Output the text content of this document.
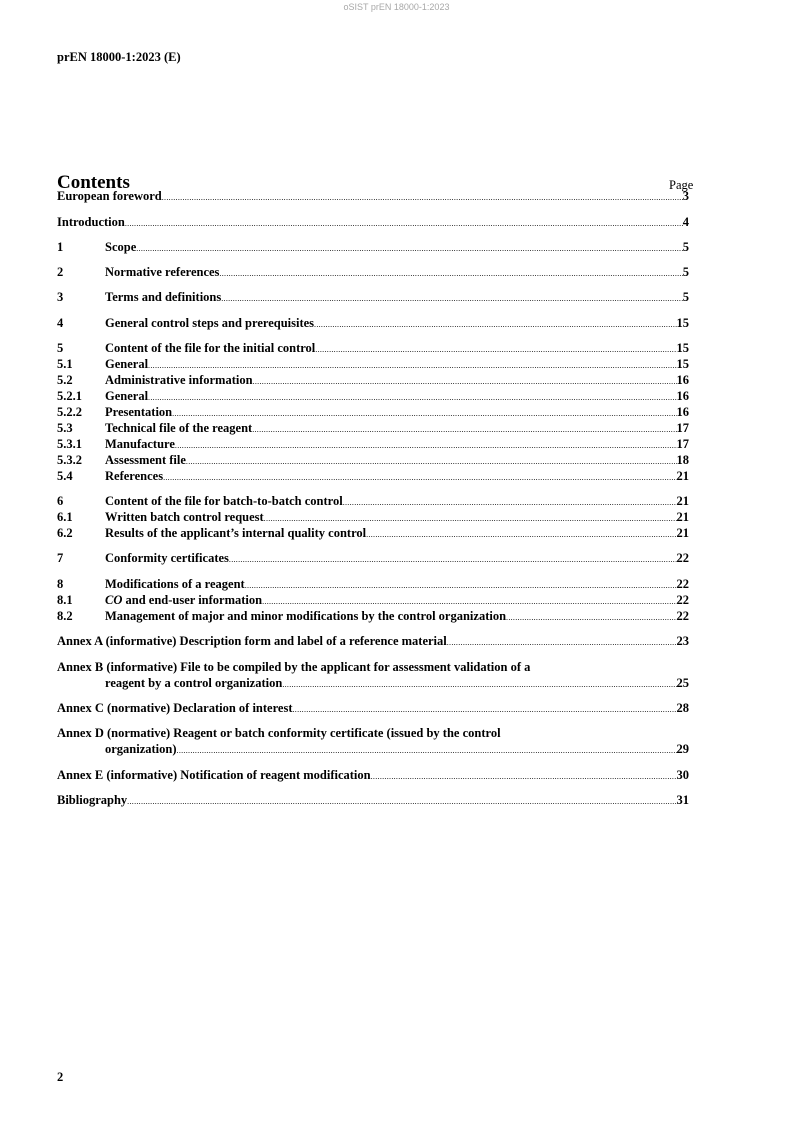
oSIST prEN 18000-1:2023
prEN 18000-1:2023 (E)
Contents	Page
European foreword .....	3
Introduction .....	4
1	Scope .....	5
2	Normative references .....	5
3	Terms and definitions .....	5
4	General control steps and prerequisites .....	15
5	Content of the file for the initial control .....	15
5.1	General .....	15
5.2	Administrative information .....	16
5.2.1	General .....	16
5.2.2	Presentation .....	16
5.3	Technical file of the reagent .....	17
5.3.1	Manufacture .....	17
5.3.2	Assessment file .....	18
5.4	References .....	21
6	Content of the file for batch-to-batch control .....	21
6.1	Written batch control request .....	21
6.2	Results of the applicant’s internal quality control .....	21
7	Conformity certificates .....	22
8	Modifications of a reagent .....	22
8.1	CO and end-user information .....	22
8.2	Management of major and minor modifications by the control organization .....	22
Annex A (informative) Description form and label of a reference material .....	23
Annex B (informative) File to be compiled by the applicant for assessment validation of a
reagent by a control organization .....	25
Annex C (normative) Declaration of interest .....	28
Annex D (normative) Reagent or batch conformity certificate (issued by the control
organization) .....	29
Annex E (informative) Notification of reagent modification .....	30
Bibliography .....	31
2
